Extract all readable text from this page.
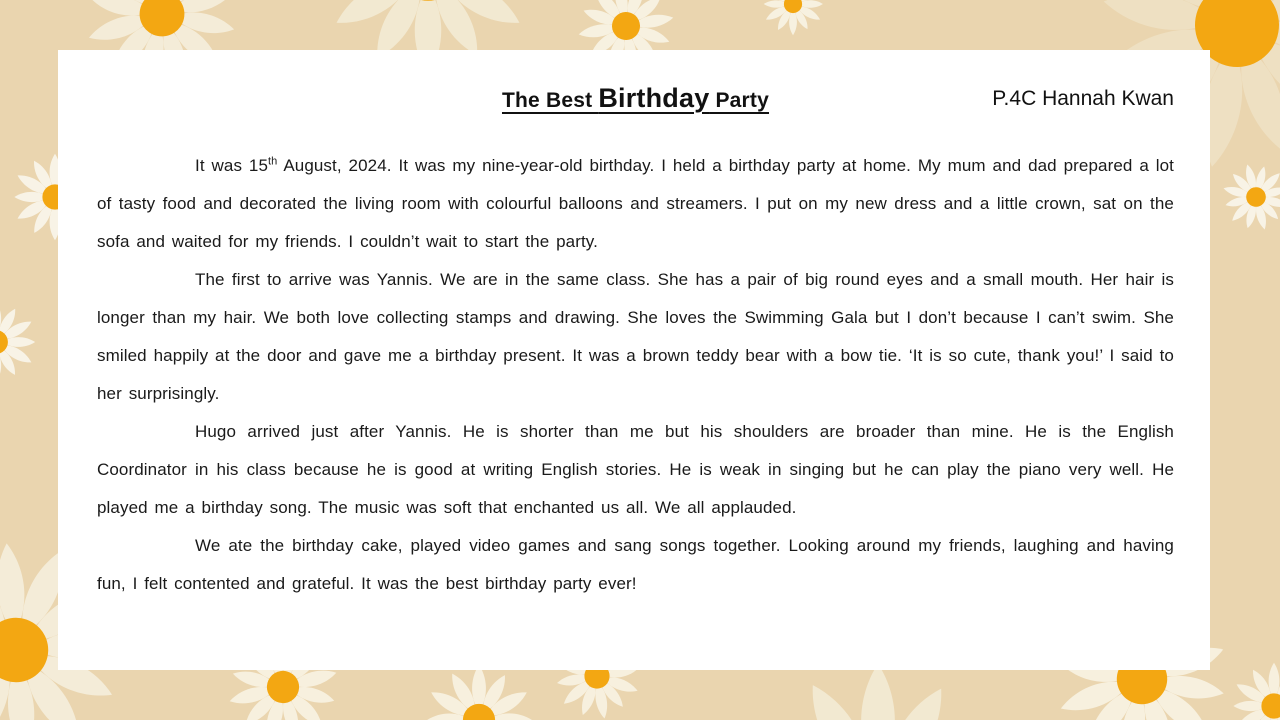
The Best Birthday Party	P.4C Hannah Kwan

It was 15th August, 2024. It was my nine-year-old birthday. I held a birthday party at home. My mum and dad prepared a lot of tasty food and decorated the living room with colourful balloons and streamers. I put on my new dress and a little crown, sat on the sofa and waited for my friends. I couldn’t wait to start the party.

The first to arrive was Yannis. We are in the same class. She has a pair of big round eyes and a small mouth. Her hair is longer than my hair. We both love collecting stamps and drawing. She loves the Swimming Gala but I don’t because I can’t swim. She smiled happily at the door and gave me a birthday present. It was a brown teddy bear with a bow tie. ‘It is so cute, thank you!’ I said to her surprisingly.

Hugo arrived just after Yannis. He is shorter than me but his shoulders are broader than mine. He is the English Coordinator in his class because he is good at writing English stories. He is weak in singing but he can play the piano very well. He played me a birthday song. The music was soft that enchanted us all. We all applauded.

We ate the birthday cake, played video games and sang songs together. Looking around my friends, laughing and having fun, I felt contented and grateful. It was the best birthday party ever!
